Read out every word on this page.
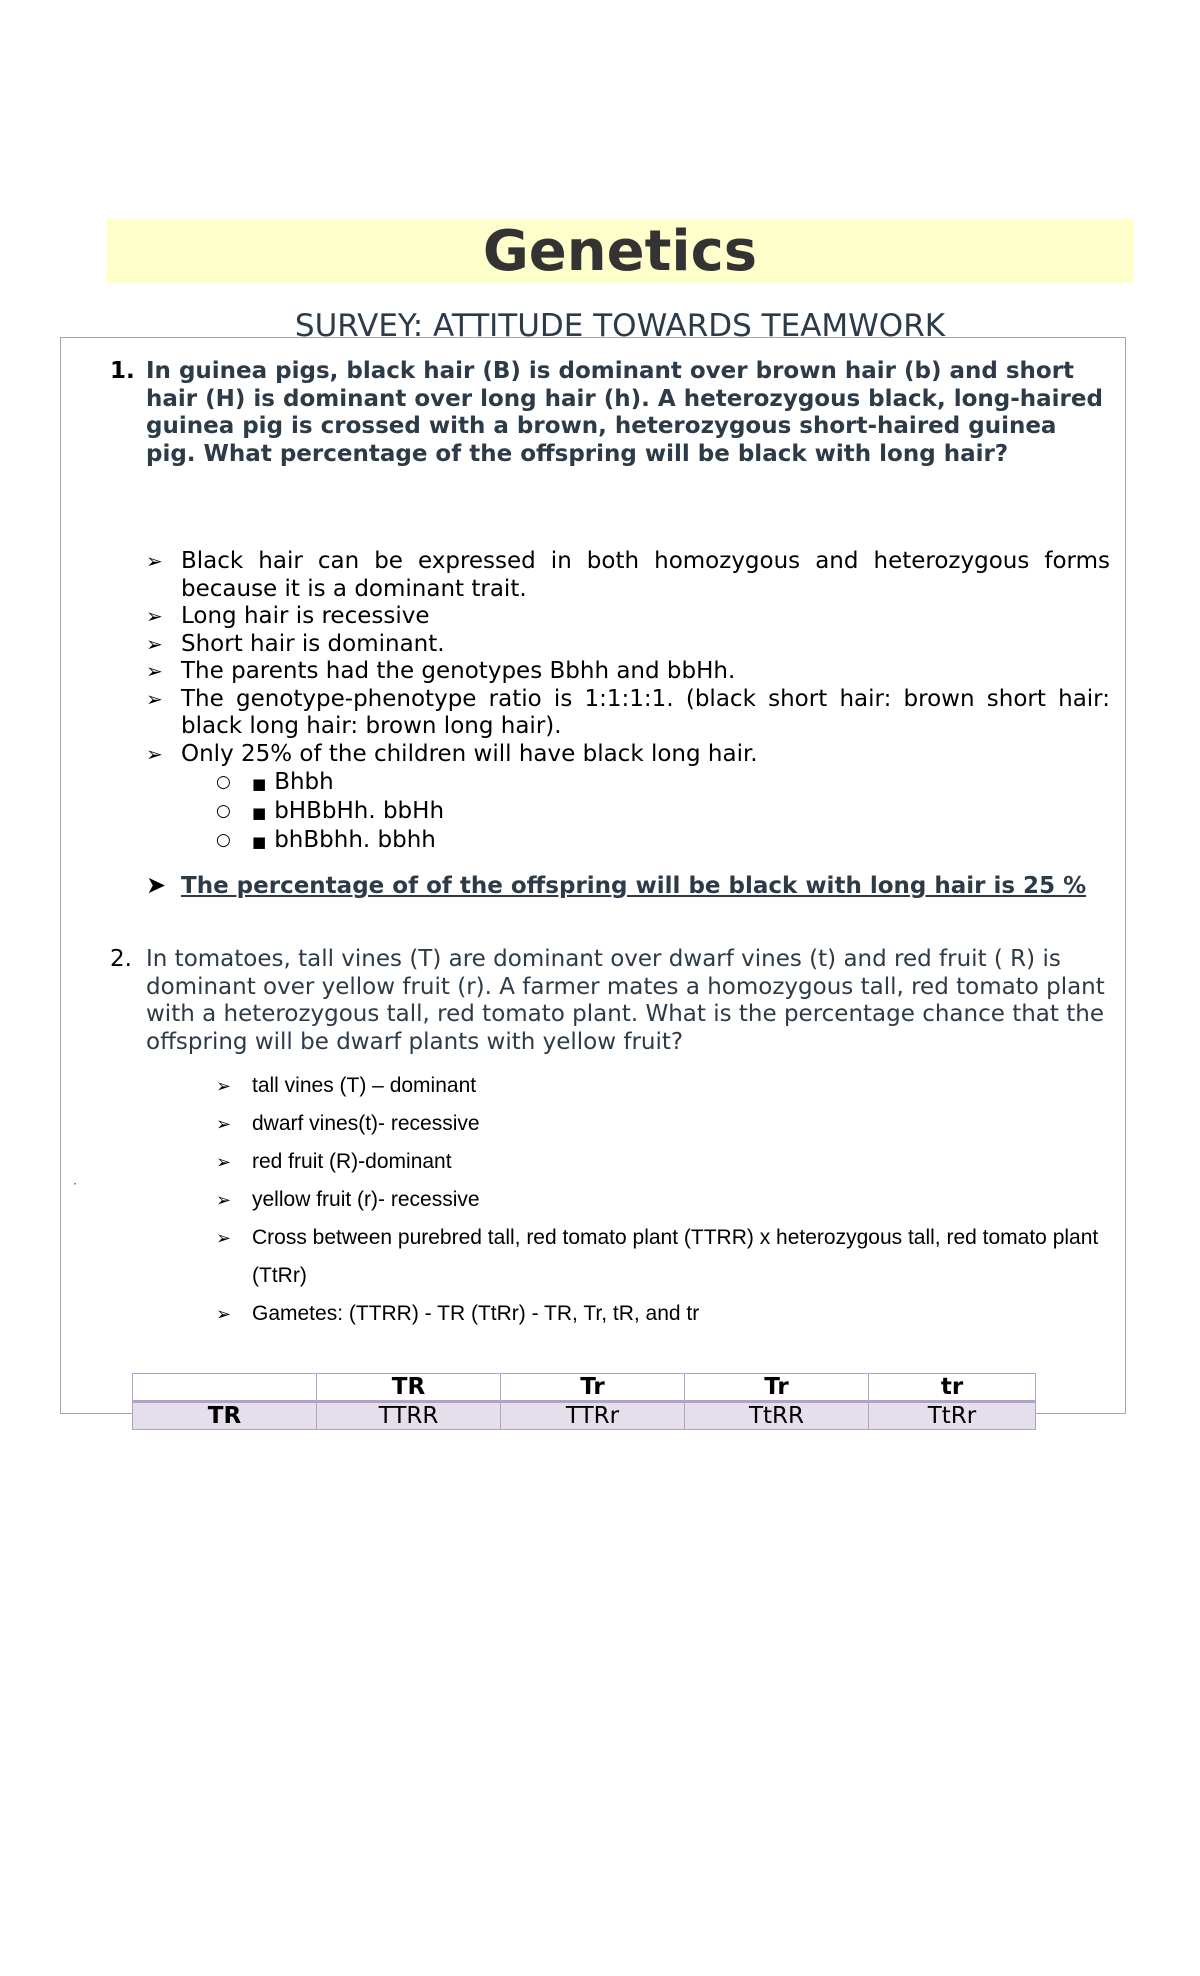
Genetics
SURVEY: ATTITUDE TOWARDS TEAMWORK
1. In guinea pigs, black hair (B) is dominant over brown hair (b) and short hair (H) is dominant over long hair (h). A heterozygous black, long-haired guinea pig is crossed with a brown, heterozygous short-haired guinea pig. What percentage of the offspring will be black with long hair?
➢ Black hair can be expressed in both homozygous and heterozygous forms because it is a dominant trait.
➢ Long hair is recessive
➢ Short hair is dominant.
➢ The parents had the genotypes Bbhh and bbHh.
➢ The genotype-phenotype ratio is 1:1:1:1. (black short hair: brown short hair: black long hair: brown long hair).
➢ Only 25% of the children will have black long hair.
○ ■ Bhbh
○ ■ bHBbHh. bbHh
○ ■ bhBbhh. bbhh
➤ The percentage of of the offspring will be black with long hair is 25 %
2. In tomatoes, tall vines (T) are dominant over dwarf vines (t) and red fruit ( R) is dominant over yellow fruit (r). A farmer mates a homozygous tall, red tomato plant with a heterozygous tall, red tomato plant. What is the percentage chance that the offspring will be dwarf plants with yellow fruit?
➢ tall vines (T) – dominant
➢ dwarf vines(t)- recessive
➢ red fruit (R)-dominant
➢ yellow fruit (r)- recessive
➢ Cross between purebred tall, red tomato plant (TTRR) x heterozygous tall, red tomato plant (TtRr)
➢ Gametes: (TTRR) - TR (TtRr) - TR, Tr, tR, and tr
·
	TR	Tr	Tr	tr
TR	TTRR	TTRr	TtRR	TtRr
